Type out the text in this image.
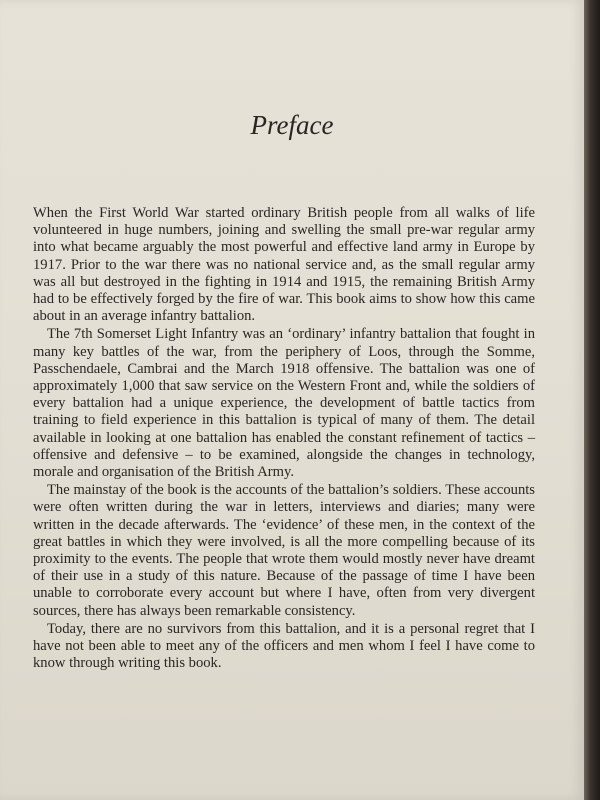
Preface

When the First World War started ordinary British people from all walks of life volunteered in huge numbers, joining and swelling the small pre-war regular army into what became arguably the most powerful and effective land army in Europe by 1917. Prior to the war there was no national service and, as the small regular army was all but destroyed in the fighting in 1914 and 1915, the remaining British Army had to be effectively forged by the fire of war. This book aims to show how this came about in an average infantry battalion.

The 7th Somerset Light Infantry was an ‘ordinary’ infantry battalion that fought in many key battles of the war, from the periphery of Loos, through the Somme, Passchendaele, Cambrai and the March 1918 offensive. The battalion was one of approximately 1,000 that saw service on the Western Front and, while the soldiers of every battalion had a unique experience, the development of battle tactics from training to field experience in this battalion is typical of many of them. The detail available in looking at one battalion has enabled the constant refinement of tactics – offensive and defensive – to be examined, alongside the changes in technology, morale and organisation of the British Army.

The mainstay of the book is the accounts of the battalion’s soldiers. These accounts were often written during the war in letters, interviews and diaries; many were written in the decade afterwards. The ‘evidence’ of these men, in the context of the great battles in which they were involved, is all the more compelling because of its proximity to the events. The people that wrote them would mostly never have dreamt of their use in a study of this nature. Because of the passage of time I have been unable to corroborate every account but where I have, often from very divergent sources, there has always been remarkable consistency.

Today, there are no survivors from this battalion, and it is a personal regret that I have not been able to meet any of the officers and men whom I feel I have come to know through writing this book.
